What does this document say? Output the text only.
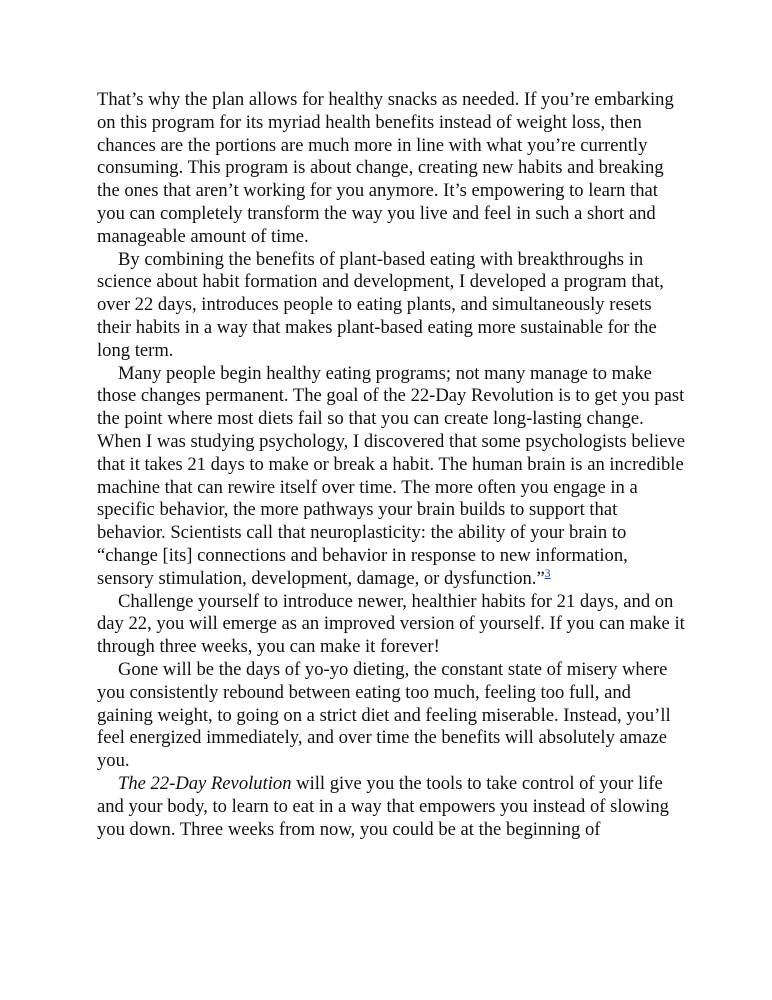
That’s why the plan allows for healthy snacks as needed. If you’re embarking on this program for its myriad health benefits instead of weight loss, then chances are the portions are much more in line with what you’re currently consuming. This program is about change, creating new habits and breaking the ones that aren’t working for you anymore. It’s empowering to learn that you can completely transform the way you live and feel in such a short and manageable amount of time.

By combining the benefits of plant-based eating with breakthroughs in science about habit formation and development, I developed a program that, over 22 days, introduces people to eating plants, and simultaneously resets their habits in a way that makes plant-based eating more sustainable for the long term.

Many people begin healthy eating programs; not many manage to make those changes permanent. The goal of the 22-Day Revolution is to get you past the point where most diets fail so that you can create long-lasting change. When I was studying psychology, I discovered that some psychologists believe that it takes 21 days to make or break a habit. The human brain is an incredible machine that can rewire itself over time. The more often you engage in a specific behavior, the more pathways your brain builds to support that behavior. Scientists call that neuroplasticity: the ability of your brain to “change [its] connections and behavior in response to new information, sensory stimulation, development, damage, or dysfunction.”$^3$

Challenge yourself to introduce newer, healthier habits for 21 days, and on day 22, you will emerge as an improved version of yourself. If you can make it through three weeks, you can make it forever!

Gone will be the days of yo-yo dieting, the constant state of misery where you consistently rebound between eating too much, feeling too full, and gaining weight, to going on a strict diet and feeling miserable. Instead, you’ll feel energized immediately, and over time the benefits will absolutely amaze you.

The 22-Day Revolution will give you the tools to take control of your life and your body, to learn to eat in a way that empowers you instead of slowing you down. Three weeks from now, you could be at the beginning of
